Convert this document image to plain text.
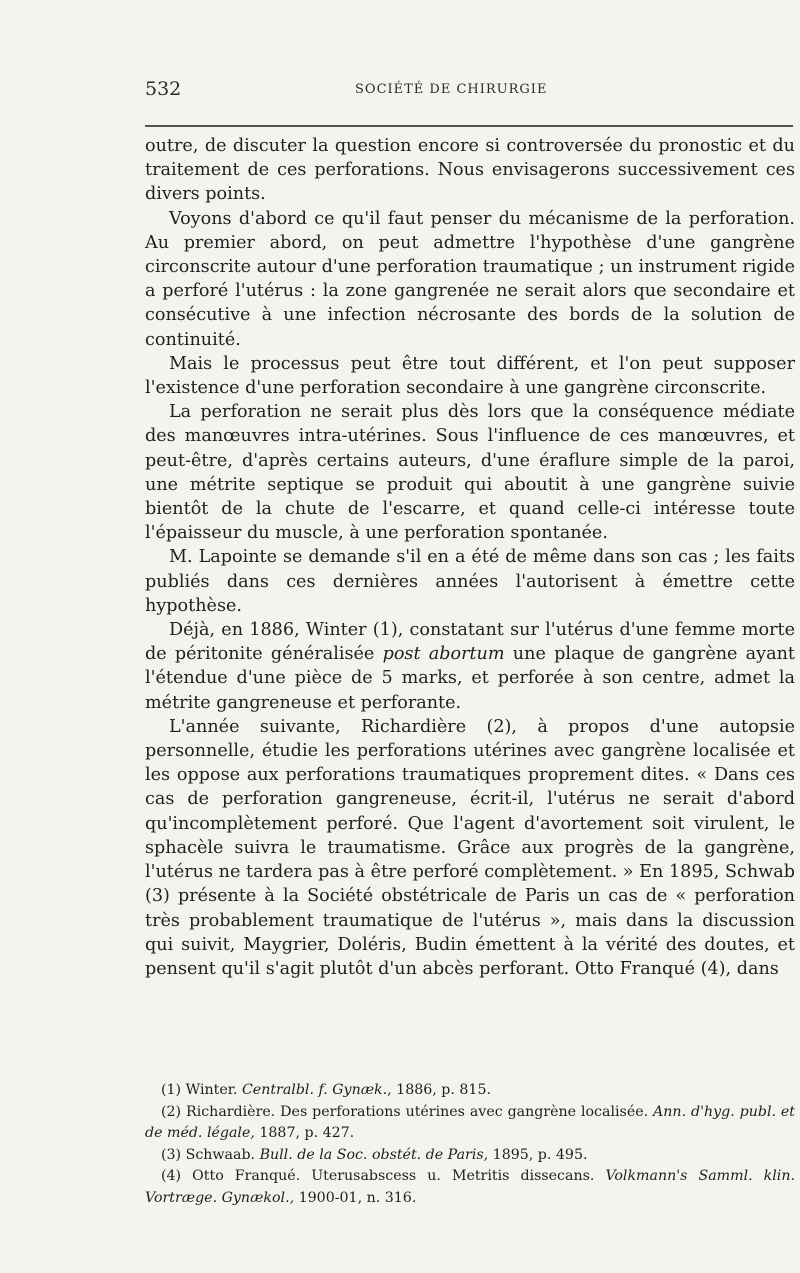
532	SOCIÉTÉ DE CHIRURGIE

outre, de discuter la question encore si controversée du pronostic et du traitement de ces perforations. Nous envisagerons successivement ces divers points.

Voyons d'abord ce qu'il faut penser du mécanisme de la perforation. Au premier abord, on peut admettre l'hypothèse d'une gangrène circonscrite autour d'une perforation traumatique ; un instrument rigide a perforé l'utérus : la zone gangrenée ne serait alors que secondaire et consécutive à une infection nécrosante des bords de la solution de continuité.

Mais le processus peut être tout différent, et l'on peut supposer l'existence d'une perforation secondaire à une gangrène circonscrite.

La perforation ne serait plus dès lors que la conséquence médiate des manœuvres intra-utérines. Sous l'influence de ces manœuvres, et peut-être, d'après certains auteurs, d'une éraflure simple de la paroi, une métrite septique se produit qui aboutit à une gangrène suivie bientôt de la chute de l'escarre, et quand celle-ci intéresse toute l'épaisseur du muscle, à une perforation spontanée.

M. Lapointe se demande s'il en a été de même dans son cas ; les faits publiés dans ces dernières années l'autorisent à émettre cette hypothèse.

Déjà, en 1886, Winter (1), constatant sur l'utérus d'une femme morte de péritonite généralisée post abortum une plaque de gangrène ayant l'étendue d'une pièce de 5 marks, et perforée à son centre, admet la métrite gangreneuse et perforante.

L'année suivante, Richardière (2), à propos d'une autopsie personnelle, étudie les perforations utérines avec gangrène localisée et les oppose aux perforations traumatiques proprement dites. « Dans ces cas de perforation gangreneuse, écrit-il, l'utérus ne serait d'abord qu'incomplètement perforé. Que l'agent d'avortement soit virulent, le sphacèle suivra le traumatisme. Grâce aux progrès de la gangrène, l'utérus ne tardera pas à être perforé complètement. » En 1895, Schwab (3) présente à la Société obstétricale de Paris un cas de « perforation très probablement traumatique de l'utérus », mais dans la discussion qui suivit, Maygrier, Doléris, Budin émettent à la vérité des doutes, et pensent qu'il s'agit plutôt d'un abcès perforant. Otto Franqué (4), dans

(1) Winter. Centralbl. f. Gynæk., 1886, p. 815.

(2) Richardière. Des perforations utérines avec gangrène localisée. Ann. d'hyg. publ. et de méd. légale, 1887, p. 427.

(3) Schwaab. Bull. de la Soc. obstét. de Paris, 1895, p. 495.

(4) Otto Franqué. Uterusabscess u. Metritis dissecans. Volkmann's Samml. klin. Vortræge. Gynækol., 1900-01, n. 316.
